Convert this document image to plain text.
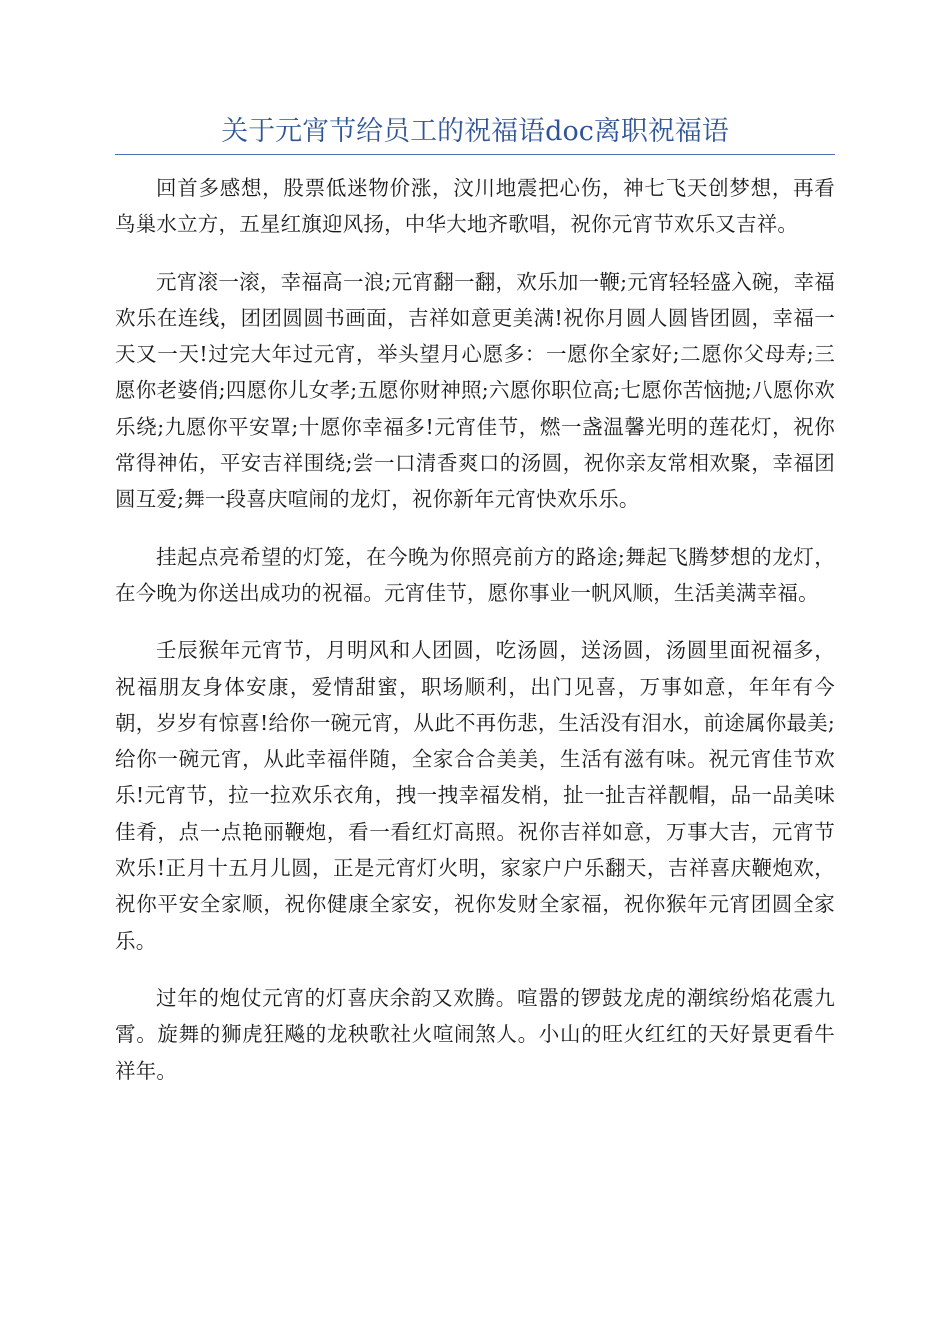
关于元宵节给员工的祝福语doc离职祝福语

回首多感想，股票低迷物价涨，汶川地震把心伤，神七飞天创梦想，再看鸟巢水立方，五星红旗迎风扬，中华大地齐歌唱，祝你元宵节欢乐又吉祥。

元宵滚一滚，幸福高一浪;元宵翻一翻，欢乐加一鞭;元宵轻轻盛入碗，幸福欢乐在连线，团团圆圆书画面，吉祥如意更美满!祝你月圆人圆皆团圆，幸福一天又一天!过完大年过元宵，举头望月心愿多：一愿你全家好;二愿你父母寿;三愿你老婆俏;四愿你儿女孝;五愿你财神照;六愿你职位高;七愿你苦恼抛;八愿你欢乐绕;九愿你平安罩;十愿你幸福多!元宵佳节，燃一盏温馨光明的莲花灯，祝你常得神佑，平安吉祥围绕;尝一口清香爽口的汤圆，祝你亲友常相欢聚，幸福团圆互爱;舞一段喜庆喧闹的龙灯，祝你新年元宵快欢乐乐。

挂起点亮希望的灯笼，在今晚为你照亮前方的路途;舞起飞腾梦想的龙灯，在今晚为你送出成功的祝福。元宵佳节，愿你事业一帆风顺，生活美满幸福。

壬辰猴年元宵节，月明风和人团圆，吃汤圆，送汤圆，汤圆里面祝福多，祝福朋友身体安康，爱情甜蜜，职场顺利，出门见喜，万事如意，年年有今朝，岁岁有惊喜!给你一碗元宵，从此不再伤悲，生活没有泪水，前途属你最美;给你一碗元宵，从此幸福伴随，全家合合美美，生活有滋有味。祝元宵佳节欢乐!元宵节，拉一拉欢乐衣角，拽一拽幸福发梢，扯一扯吉祥靓帽，品一品美味佳肴，点一点艳丽鞭炮，看一看红灯高照。祝你吉祥如意，万事大吉，元宵节欢乐!正月十五月儿圆，正是元宵灯火明，家家户户乐翻天，吉祥喜庆鞭炮欢，祝你平安全家顺，祝你健康全家安，祝你发财全家福，祝你猴年元宵团圆全家乐。

过年的炮仗元宵的灯喜庆余韵又欢腾。喧嚣的锣鼓龙虎的潮缤纷焰花震九霄。旋舞的狮虎狂飚的龙秧歌社火喧闹煞人。小山的旺火红红的天好景更看牛祥年。
